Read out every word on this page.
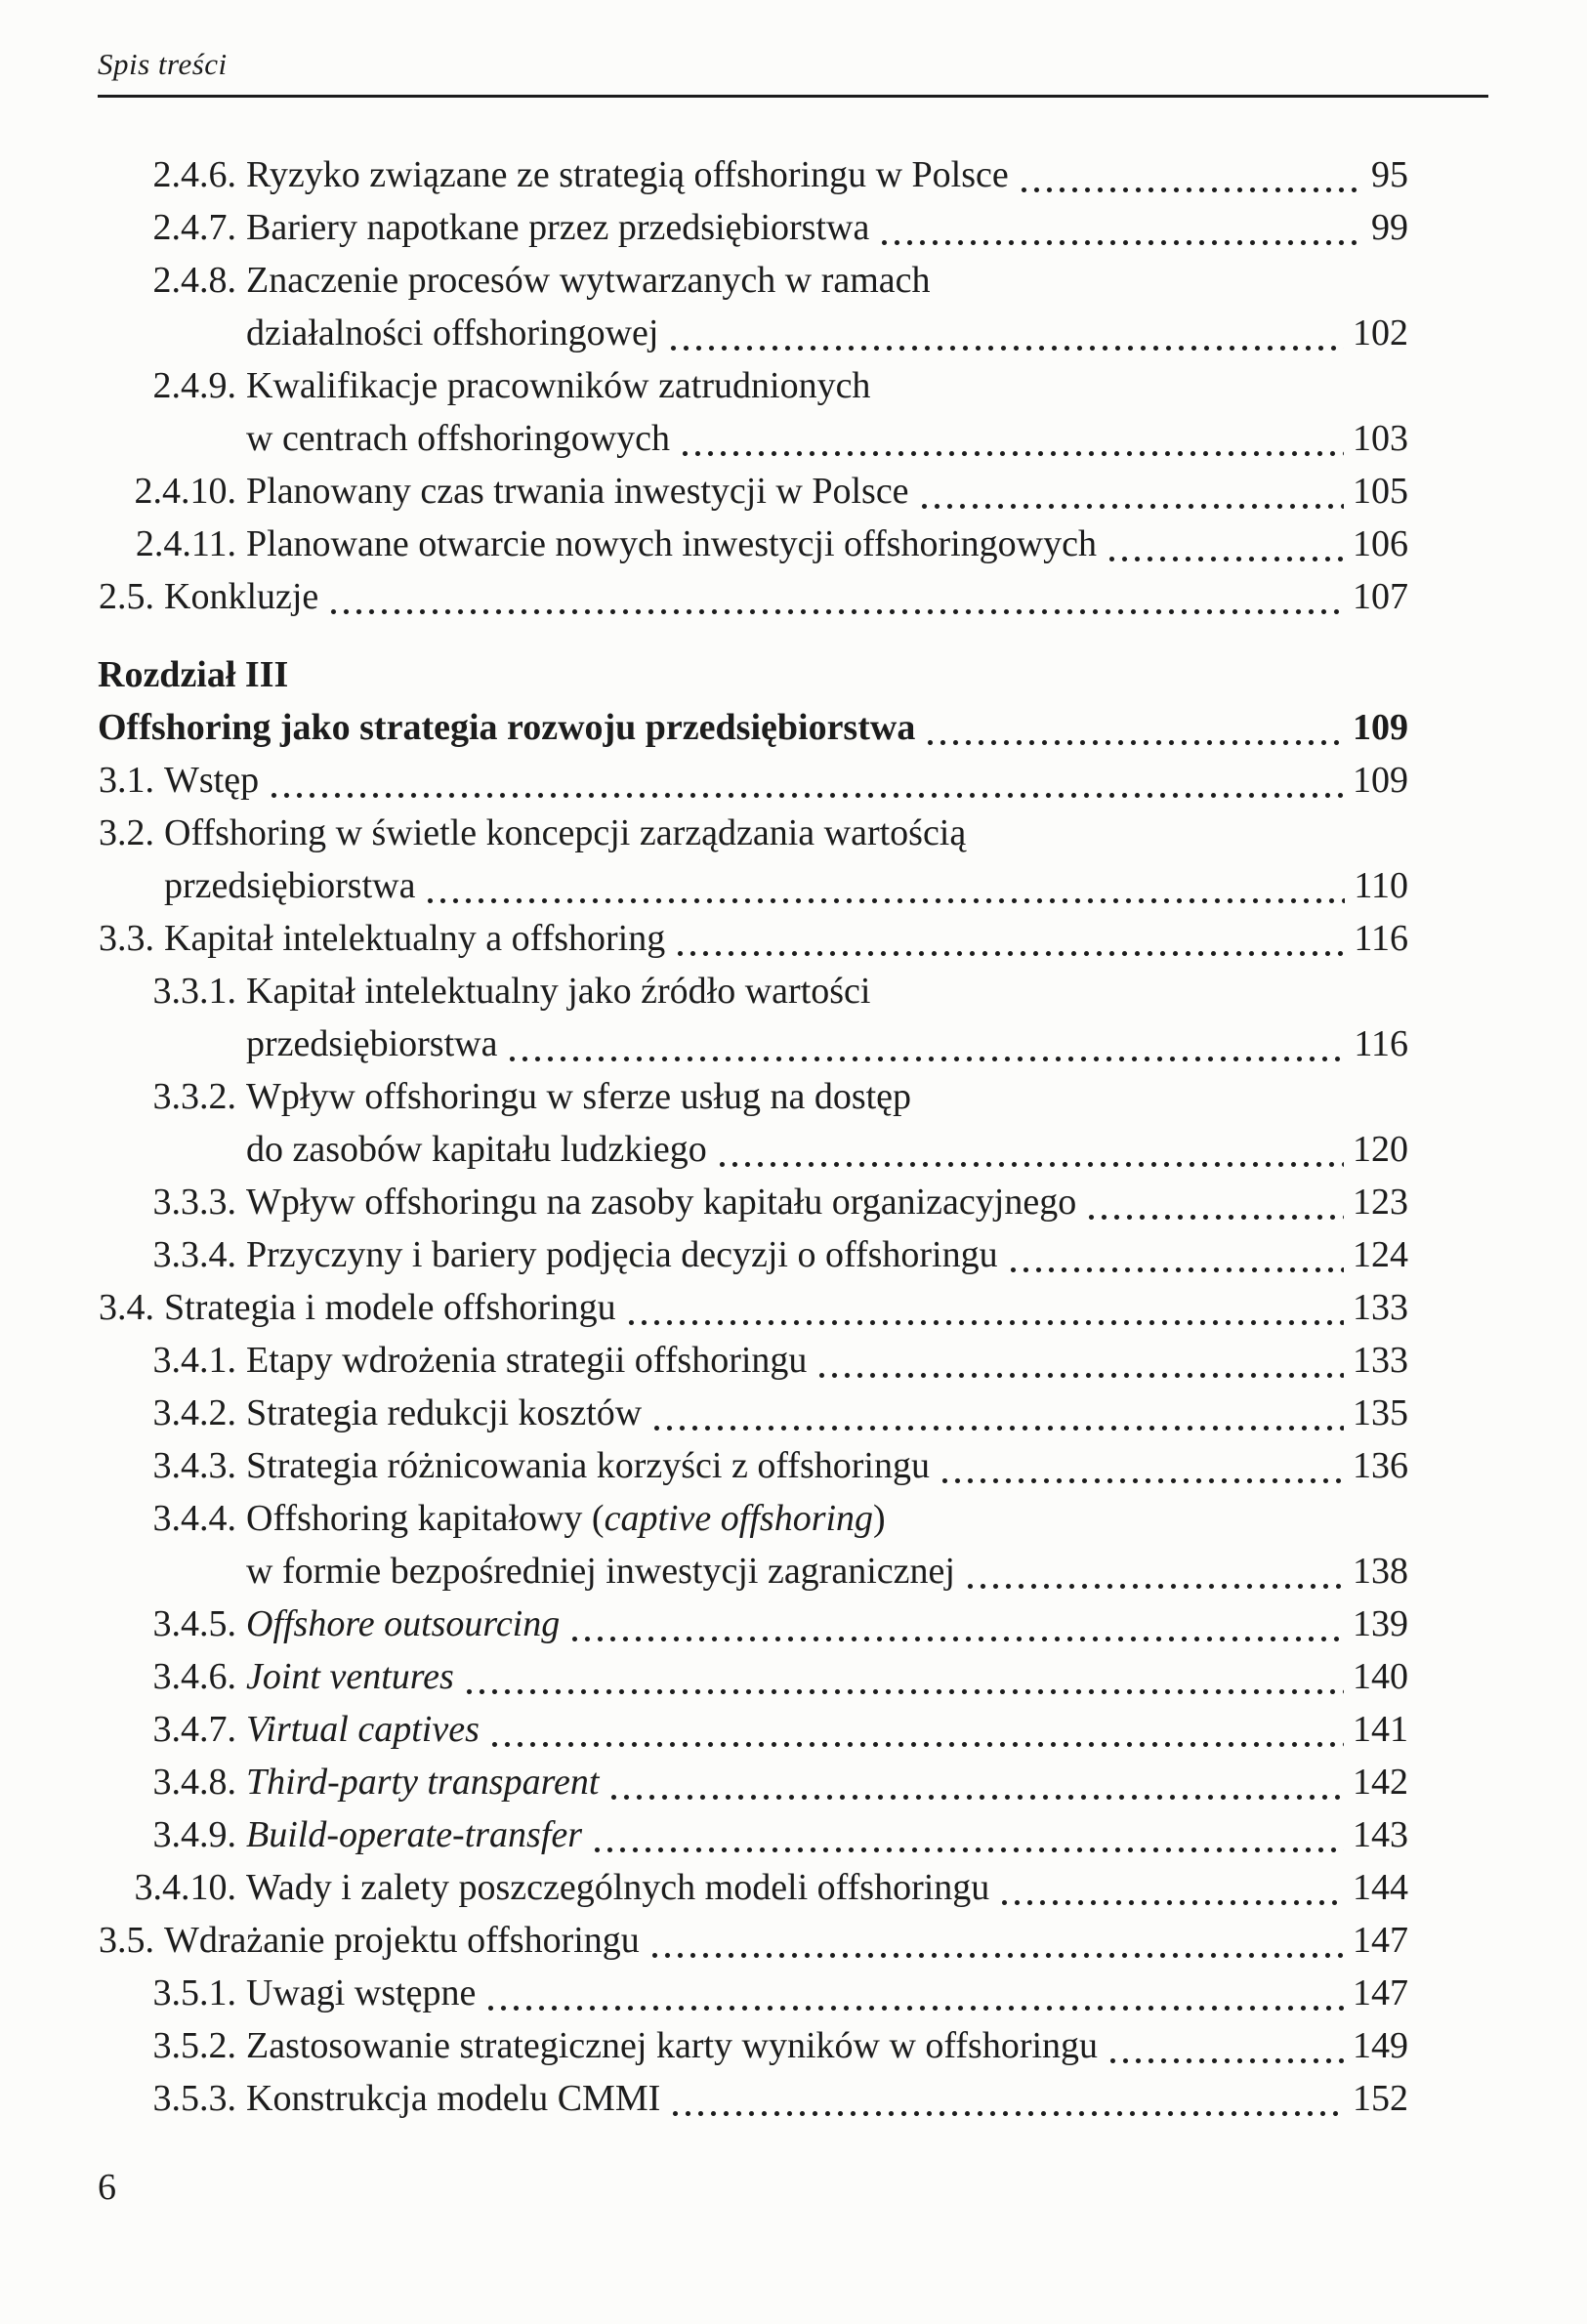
Spis treści
2.4.6. Ryzyko związane ze strategią offshoringu w Polsce	95
2.4.7. Bariery napotkane przez przedsiębiorstwa	99
2.4.8. Znaczenie procesów wytwarzanych w ramach
działalności offshoringowej	102
2.4.9. Kwalifikacje pracowników zatrudnionych
w centrach offshoringowych	103
2.4.10. Planowany czas trwania inwestycji w Polsce	105
2.4.11. Planowane otwarcie nowych inwestycji offshoringowych	106
2.5. Konkluzje	107
Rozdział III
Offshoring jako strategia rozwoju przedsiębiorstwa	109
3.1. Wstęp	109
3.2. Offshoring w świetle koncepcji zarządzania wartością
przedsiębiorstwa	110
3.3. Kapitał intelektualny a offshoring	116
3.3.1. Kapitał intelektualny jako źródło wartości
przedsiębiorstwa	116
3.3.2. Wpływ offshoringu w sferze usług na dostęp
do zasobów kapitału ludzkiego	120
3.3.3. Wpływ offshoringu na zasoby kapitału organizacyjnego	123
3.3.4. Przyczyny i bariery podjęcia decyzji o offshoringu	124
3.4. Strategia i modele offshoringu	133
3.4.1. Etapy wdrożenia strategii offshoringu	133
3.4.2. Strategia redukcji kosztów	135
3.4.3. Strategia różnicowania korzyści z offshoringu	136
3.4.4. Offshoring kapitałowy (captive offshoring)
w formie bezpośredniej inwestycji zagranicznej	138
3.4.5. Offshore outsourcing	139
3.4.6. Joint ventures	140
3.4.7. Virtual captives	141
3.4.8. Third-party transparent	142
3.4.9. Build-operate-transfer	143
3.4.10. Wady i zalety poszczególnych modeli offshoringu	144
3.5. Wdrażanie projektu offshoringu	147
3.5.1. Uwagi wstępne	147
3.5.2. Zastosowanie strategicznej karty wyników w offshoringu	149
3.5.3. Konstrukcja modelu CMMI	152
6
